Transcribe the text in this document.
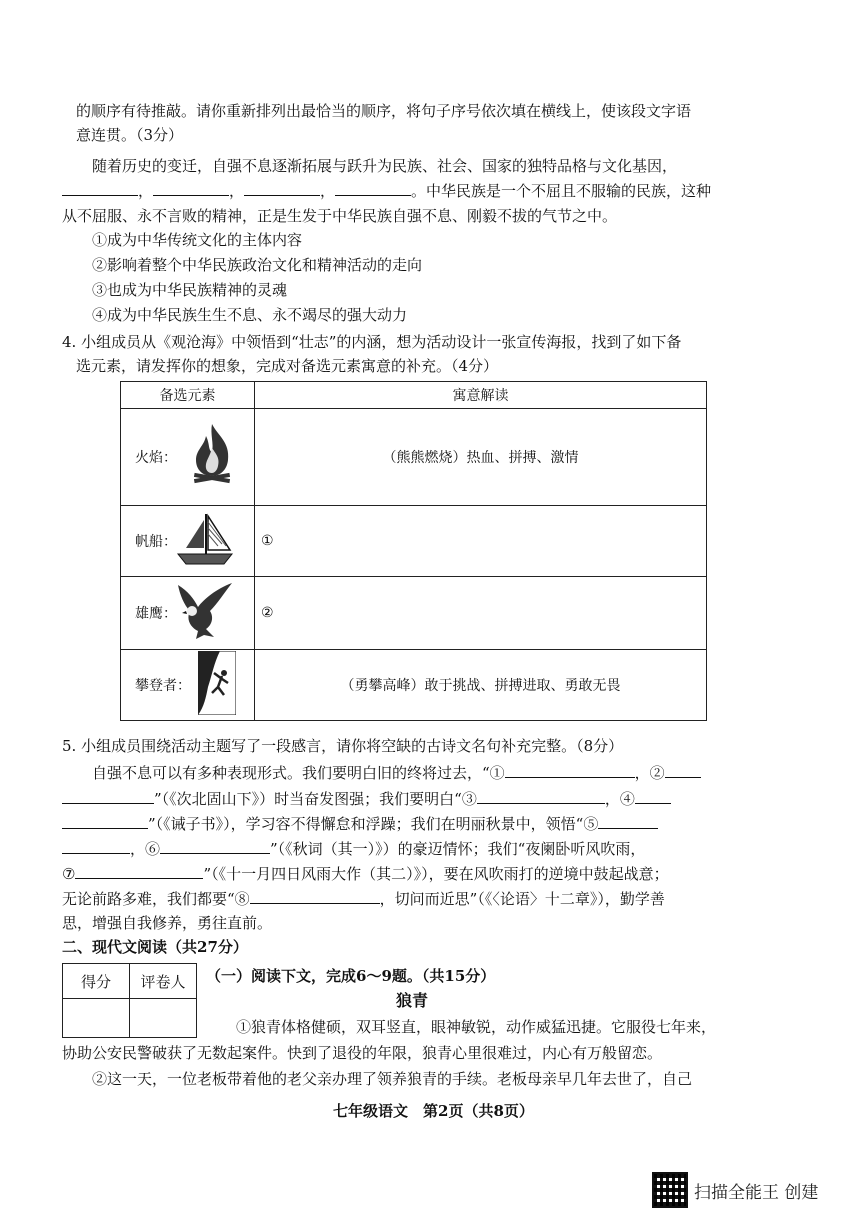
的顺序有待推敲。请你重新排列出最恰当的顺序，将句子序号依次填在横线上，使该段文字语
意连贯。（3分）
随着历史的变迁，自强不息逐渐拓展与跃升为民族、社会、国家的独特品格与文化基因，
，	，	，	。中华民族是一个不屈且不服输的民族，这种
从不屈服、永不言败的精神，正是生发于中华民族自强不息、刚毅不拔的气节之中。
①成为中华传统文化的主体内容
②影响着整个中华民族政治文化和精神活动的走向
③也成为中华民族精神的灵魂
④成为中华民族生生不息、永不竭尽的强大动力
4. 小组成员从《观沧海》中领悟到“壮志”的内涵，想为活动设计一张宣传海报，找到了如下备
选元素，请发挥你的想象，完成对备选元素寓意的补充。（4分）
备选元素	寓意解读

火焰：	（熊熊燃烧）热血、拼搏、激情

帆船：	①

雄鹰：	②

攀登者：	（勇攀高峰）敢于挑战、拼搏进取、勇敢无畏
5. 小组成员围绕活动主题写了一段感言，请你将空缺的古诗文名句补充完整。（8分）
自强不息可以有多种表现形式。我们要明白旧的终将过去，“①	，②
”（《次北固山下》）时当奋发图强；我们要明白“③	，④
”（《诫子书》），学习容不得懈怠和浮躁；我们在明丽秋景中，领悟“⑤
，⑥	”（《秋词（其一）》）的豪迈情怀；我们“夜阑卧听风吹雨，
⑦	”（《十一月四日风雨大作（其二）》），要在风吹雨打的逆境中鼓起战意；
无论前路多难，我们都要“⑧	，切问而近思”（《〈论语〉十二章》），勤学善
思，增强自我修养，勇往直前。
二、现代文阅读（共27分）
得分	评卷人
	（一）阅读下文，完成6～9题。（共15分）
狼青
①狼青体格健硕，双耳竖直，眼神敏锐，动作威猛迅捷。它服役七年来，
协助公安民警破获了无数起案件。快到了退役的年限，狼青心里很难过，内心有万般留恋。
②这一天，一位老板带着他的老父亲办理了领养狼青的手续。老板母亲早几年去世了，自己
七年级语文　第2页（共8页）
扫描全能王 创建
